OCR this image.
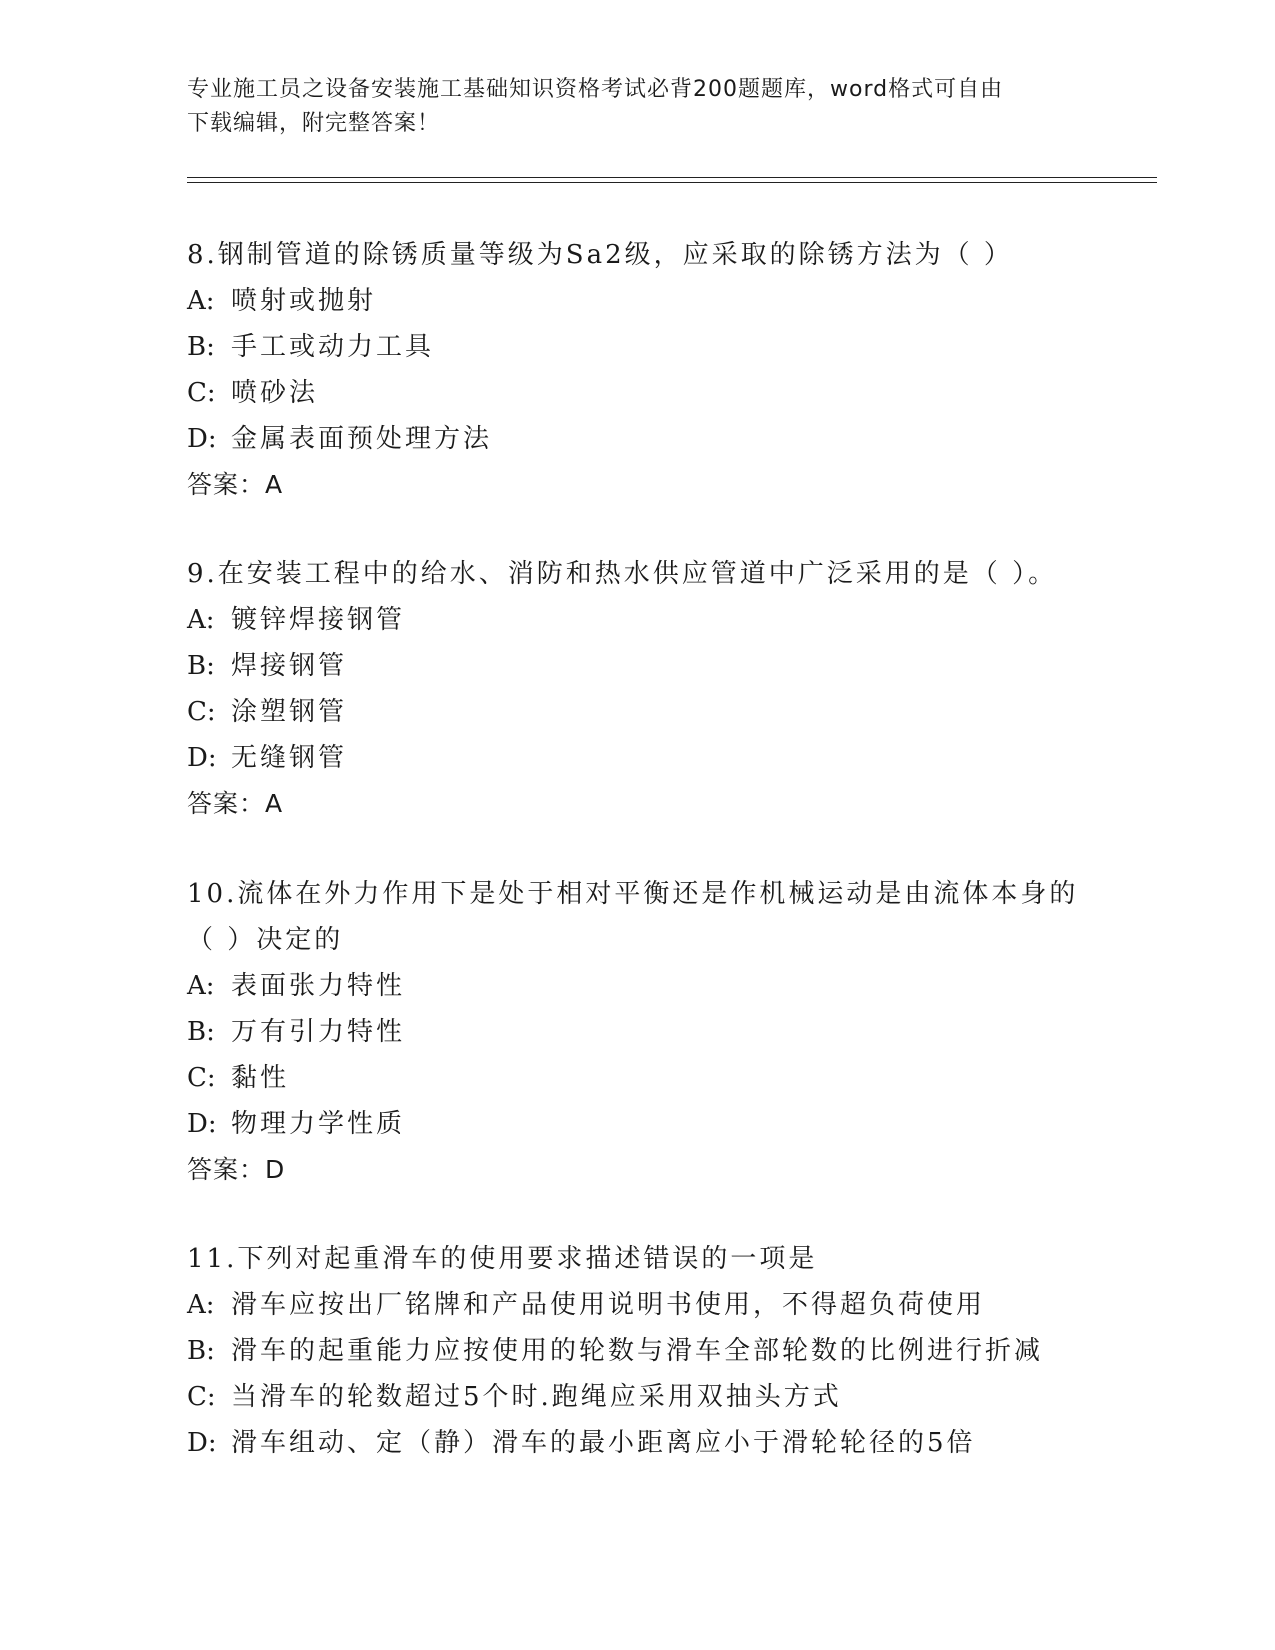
专业施工员之设备安装施工基础知识资格考试必背200题题库，word格式可自由
下载编辑，附完整答案！
8.钢制管道的除锈质量等级为Sa2级，应采取的除锈方法为（ ）
A: 喷射或抛射
B: 手工或动力工具
C: 喷砂法
D: 金属表面预处理方法
答案：A
9.在安装工程中的给水、消防和热水供应管道中广泛采用的是（ ）。
A: 镀锌焊接钢管
B: 焊接钢管
C: 涂塑钢管
D: 无缝钢管
答案：A
10.流体在外力作用下是处于相对平衡还是作机械运动是由流体本身的
（ ）决定的
A: 表面张力特性
B: 万有引力特性
C: 黏性
D: 物理力学性质
答案：D
11.下列对起重滑车的使用要求描述错误的一项是
A: 滑车应按出厂铭牌和产品使用说明书使用，不得超负荷使用
B: 滑车的起重能力应按使用的轮数与滑车全部轮数的比例进行折减
C: 当滑车的轮数超过5个时.跑绳应采用双抽头方式
D: 滑车组动、定（静）滑车的最小距离应小于滑轮轮径的5倍
